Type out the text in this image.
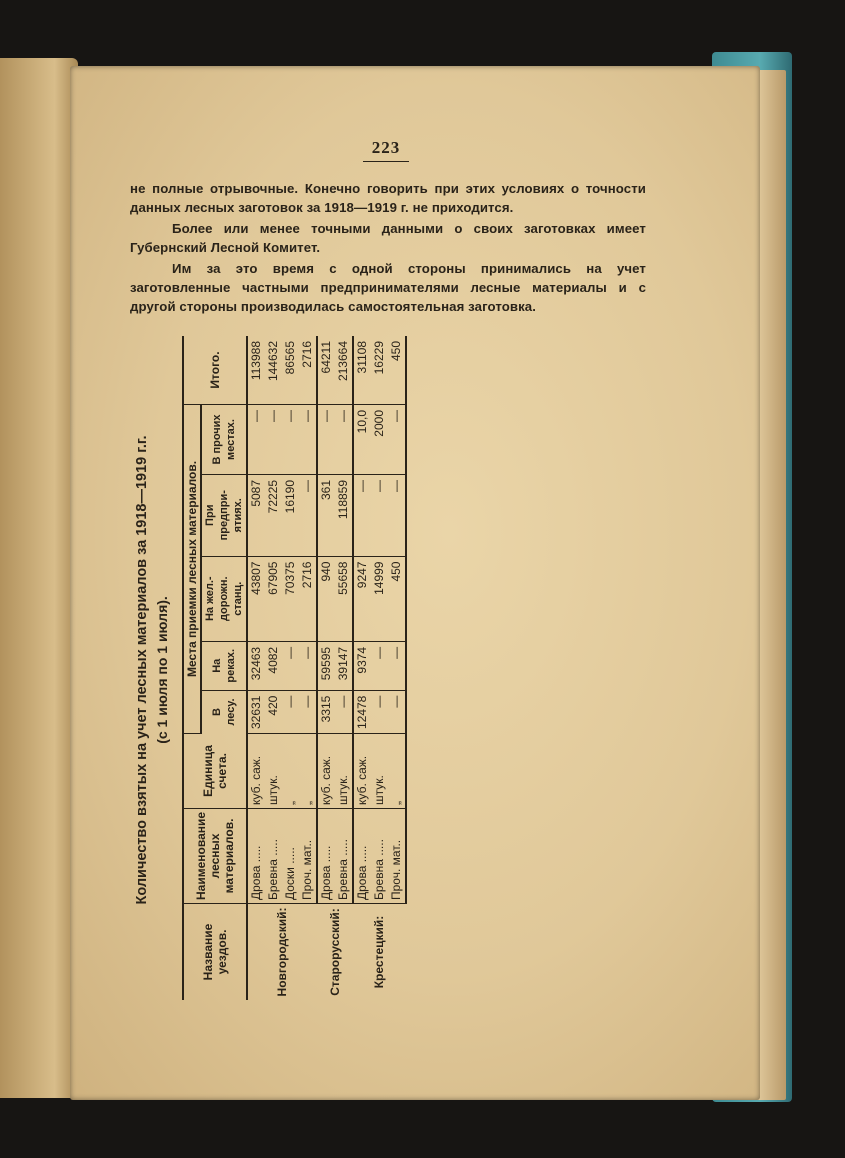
223
не полные отрывочные. Конечно говорить при этих условиях о точности данных лесных заготовок за 1918—1919 г. не приходится.
Более или менее точными данными о своих заготовках имеет Губернский Лесной Комитет.
Им за это время с одной стороны принимались на учет заготовленные частными предпринимателями лесные материалы и с другой стороны производилась самостоятельная заготовка.
Количество взятых на учет лесных материалов за 1918—1919 г.г. (с 1 июля по 1 июля).
Название уездов.	Наименование лесных материалов.	Единица счета.	Места приемки лесных материалов.					Итого.
			В лесу.	На реках.	На жел.-дорожн. станц.	При предпри-ятиях.	В прочих местах.	
Новгородский:	Дрова .....	куб. саж.	32631	32463	43807	5087	—	113988
	Бревна .....	штук.	420	4082	67905	72225	—	144632
	Доски .....	„	—	—	70375	16190	—	86565
	Проч. мат..	„	—	—	2716	—	—	2716
Старорусский:	Дрова .....	куб. саж.	3315	59595	940	361	—	64211
	Бревна .....	штук.	—	39147	55658	118859	—	213664
Крестецкий:	Дрова .....	куб. саж.	12478	9374	9247	—	10,0	31108
	Бревна .....	штук.	—	—	14999	—	2000	16229
	Проч. мат..	„	—	—	450	—	—	450
